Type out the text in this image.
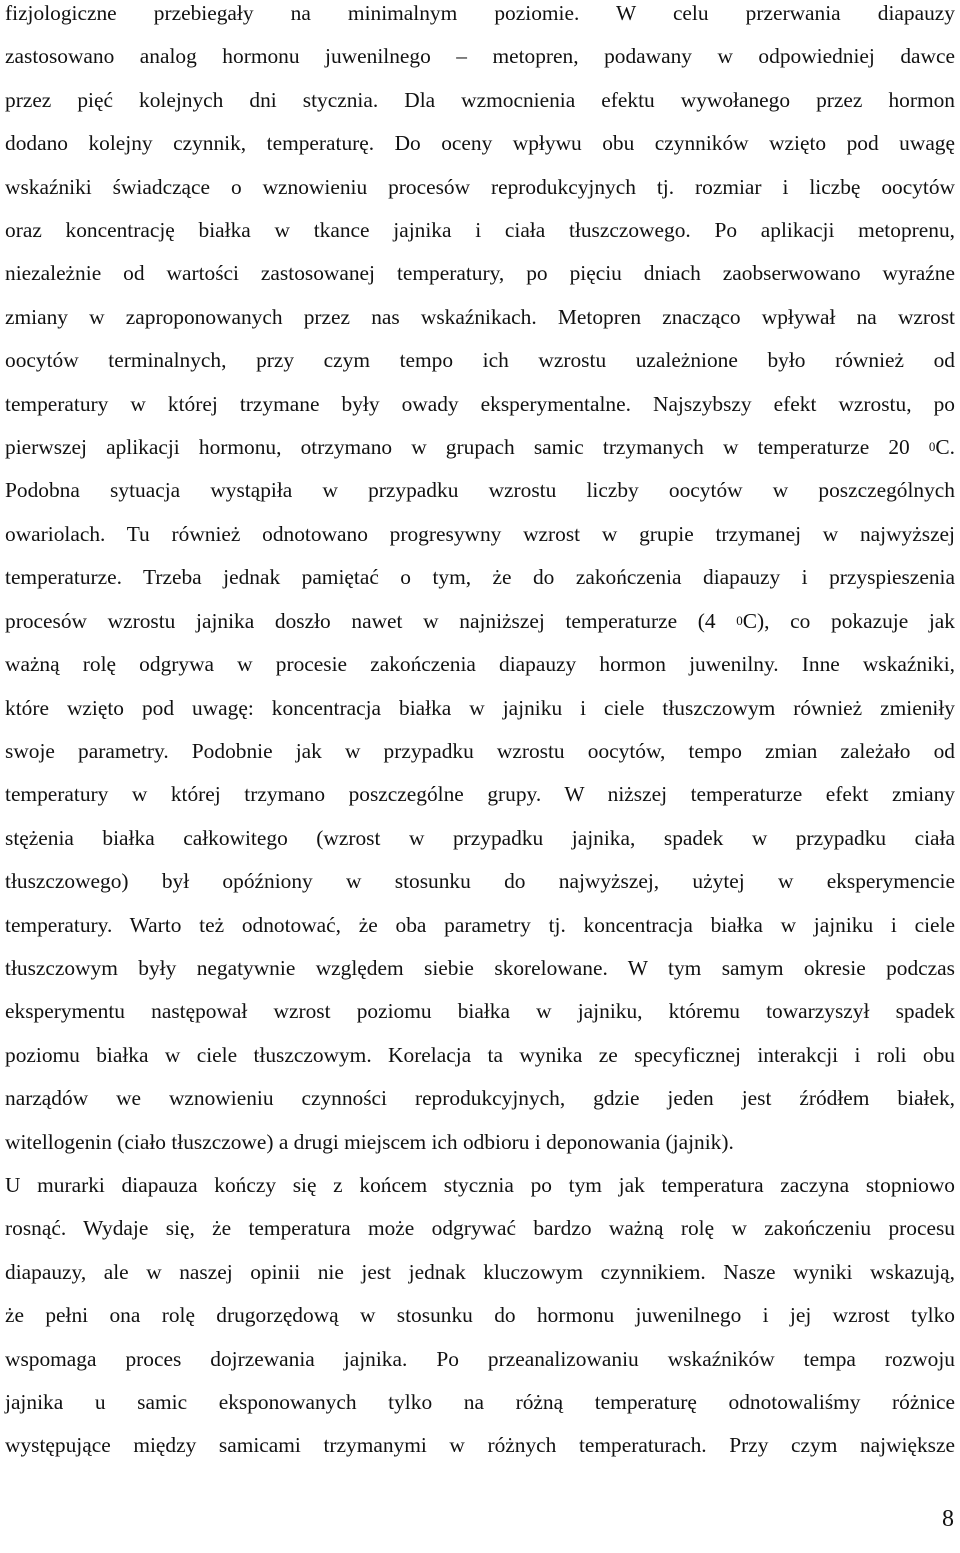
fizjologiczne przebiegały na minimalnym poziomie. W celu przerwania diapauzy
zastosowano analog hormonu juwenilnego – metopren, podawany w odpowiedniej dawce
przez pięć kolejnych dni stycznia. Dla wzmocnienia efektu wywołanego przez hormon
dodano kolejny czynnik, temperaturę. Do oceny wpływu obu czynników wzięto pod uwagę
wskaźniki świadczące o wznowieniu procesów reprodukcyjnych tj. rozmiar i liczbę oocytów
oraz koncentrację białka w tkance jajnika i ciała tłuszczowego. Po aplikacji metoprenu,
niezależnie od wartości zastosowanej temperatury, po pięciu dniach zaobserwowano wyraźne
zmiany w zaproponowanych przez nas wskaźnikach. Metopren znacząco wpływał na wzrost
oocytów terminalnych, przy czym tempo ich wzrostu uzależnione było również od
temperatury w której trzymane były owady eksperymentalne. Najszybszy efekt wzrostu, po
pierwszej aplikacji hormonu, otrzymano w grupach samic trzymanych w temperaturze 20 $^0$C.
Podobna sytuacja wystąpiła w przypadku wzrostu liczby oocytów w poszczególnych
owariolach. Tu również odnotowano progresywny wzrost w grupie trzymanej w najwyższej
temperaturze. Trzeba jednak pamiętać o tym, że do zakończenia diapauzy i przyspieszenia
procesów wzrostu jajnika doszło nawet w najniższej temperaturze (4 $^0$C), co pokazuje jak
ważną rolę odgrywa w procesie zakończenia diapauzy hormon juwenilny. Inne wskaźniki,
które wzięto pod uwagę: koncentracja białka w jajniku i ciele tłuszczowym również zmieniły
swoje parametry. Podobnie jak w przypadku wzrostu oocytów, tempo zmian zależało od
temperatury w której trzymano poszczególne grupy. W niższej temperaturze efekt zmiany
stężenia białka całkowitego (wzrost w przypadku jajnika, spadek w przypadku ciała
tłuszczowego) był opóźniony w stosunku do najwyższej, użytej w eksperymencie
temperatury. Warto też odnotować, że oba parametry tj. koncentracja białka w jajniku i ciele
tłuszczowym były negatywnie względem siebie skorelowane. W tym samym okresie podczas
eksperymentu następował wzrost poziomu białka w jajniku, któremu towarzyszył spadek
poziomu białka w ciele tłuszczowym. Korelacja ta wynika ze specyficznej interakcji i roli obu
narządów we wznowieniu czynności reprodukcyjnych, gdzie jeden jest źródłem białek,
witellogenin (ciało tłuszczowe) a drugi miejscem ich odbioru i deponowania (jajnik).

U murarki diapauza kończy się z końcem stycznia po tym jak temperatura zaczyna stopniowo
rosnąć. Wydaje się, że temperatura może odgrywać bardzo ważną rolę w zakończeniu procesu
diapauzy, ale w naszej opinii nie jest jednak kluczowym czynnikiem. Nasze wyniki wskazują,
że pełni ona rolę drugorzędową w stosunku do hormonu juwenilnego i jej wzrost tylko
wspomaga proces dojrzewania jajnika. Po przeanalizowaniu wskaźników tempa rozwoju
jajnika u samic eksponowanych tylko na różną temperaturę odnotowaliśmy różnice
występujące między samicami trzymanymi w różnych temperaturach. Przy czym największe

8
